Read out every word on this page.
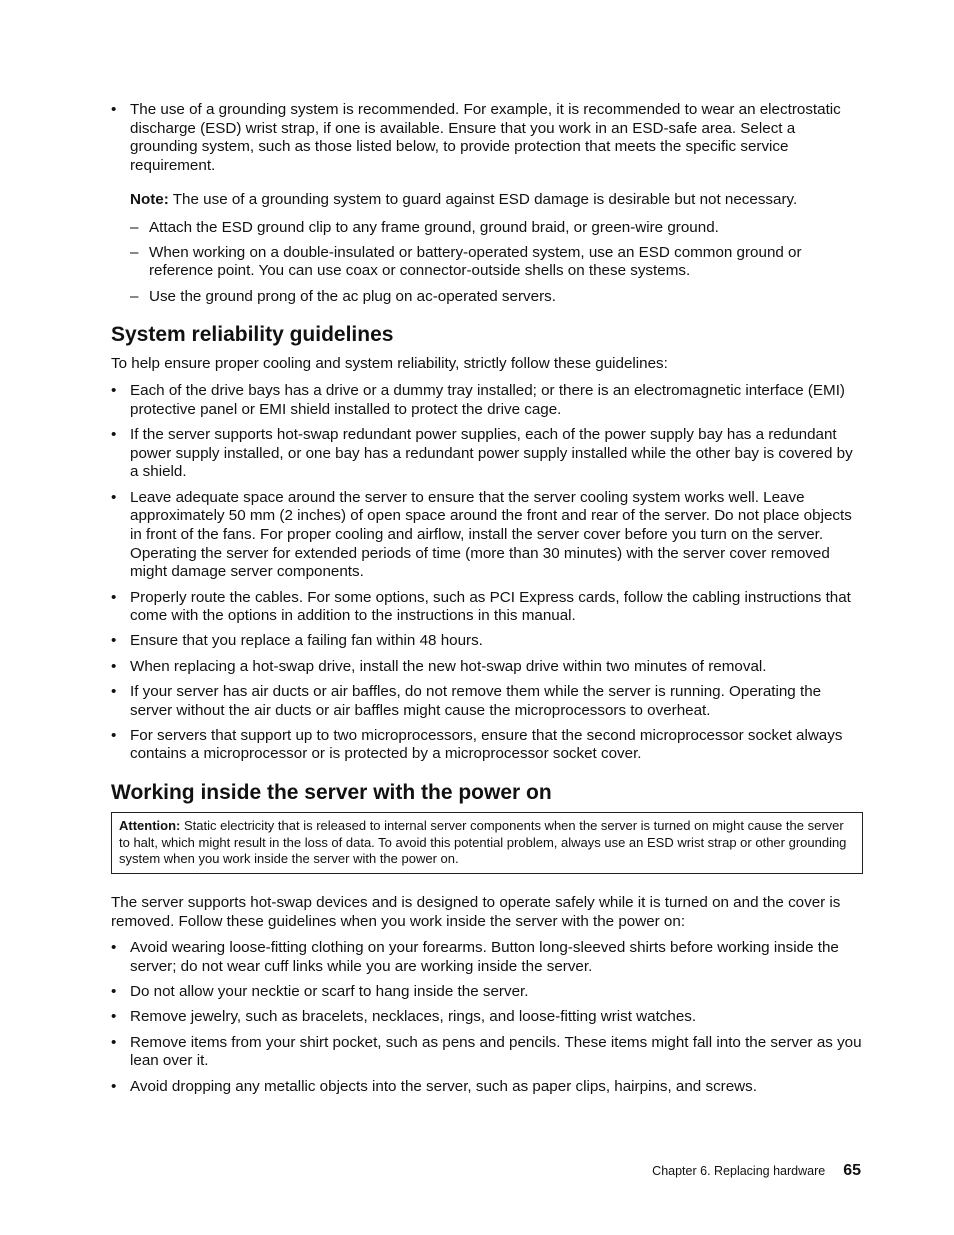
• The use of a grounding system is recommended. For example, it is recommended to wear an electrostatic discharge (ESD) wrist strap, if one is available. Ensure that you work in an ESD-safe area. Select a grounding system, such as those listed below, to provide protection that meets the specific service requirement.
Note: The use of a grounding system to guard against ESD damage is desirable but not necessary.
– Attach the ESD ground clip to any frame ground, ground braid, or green-wire ground.
– When working on a double-insulated or battery-operated system, use an ESD common ground or reference point. You can use coax or connector-outside shells on these systems.
– Use the ground prong of the ac plug on ac-operated servers.
System reliability guidelines

To help ensure proper cooling and system reliability, strictly follow these guidelines:

• Each of the drive bays has a drive or a dummy tray installed; or there is an electromagnetic interface (EMI) protective panel or EMI shield installed to protect the drive cage.
• If the server supports hot-swap redundant power supplies, each of the power supply bay has a redundant power supply installed, or one bay has a redundant power supply installed while the other bay is covered by a shield.
• Leave adequate space around the server to ensure that the server cooling system works well. Leave approximately 50 mm (2 inches) of open space around the front and rear of the server. Do not place objects in front of the fans. For proper cooling and airflow, install the server cover before you turn on the server. Operating the server for extended periods of time (more than 30 minutes) with the server cover removed might damage server components.
• Properly route the cables. For some options, such as PCI Express cards, follow the cabling instructions that come with the options in addition to the instructions in this manual.
• Ensure that you replace a failing fan within 48 hours.
• When replacing a hot-swap drive, install the new hot-swap drive within two minutes of removal.
• If your server has air ducts or air baffles, do not remove them while the server is running. Operating the server without the air ducts or air baffles might cause the microprocessors to overheat.
• For servers that support up to two microprocessors, ensure that the second microprocessor socket always contains a microprocessor or is protected by a microprocessor socket cover.
Working inside the server with the power on
Attention: Static electricity that is released to internal server components when the server is turned on might cause the server to halt, which might result in the loss of data. To avoid this potential problem, always use an ESD wrist strap or other grounding system when you work inside the server with the power on.

The server supports hot-swap devices and is designed to operate safely while it is turned on and the cover is removed. Follow these guidelines when you work inside the server with the power on:

• Avoid wearing loose-fitting clothing on your forearms. Button long-sleeved shirts before working inside the server; do not wear cuff links while you are working inside the server.
• Do not allow your necktie or scarf to hang inside the server.
• Remove jewelry, such as bracelets, necklaces, rings, and loose-fitting wrist watches.
• Remove items from your shirt pocket, such as pens and pencils. These items might fall into the server as you lean over it.
• Avoid dropping any metallic objects into the server, such as paper clips, hairpins, and screws.
Chapter 6. Replacing hardware 65
